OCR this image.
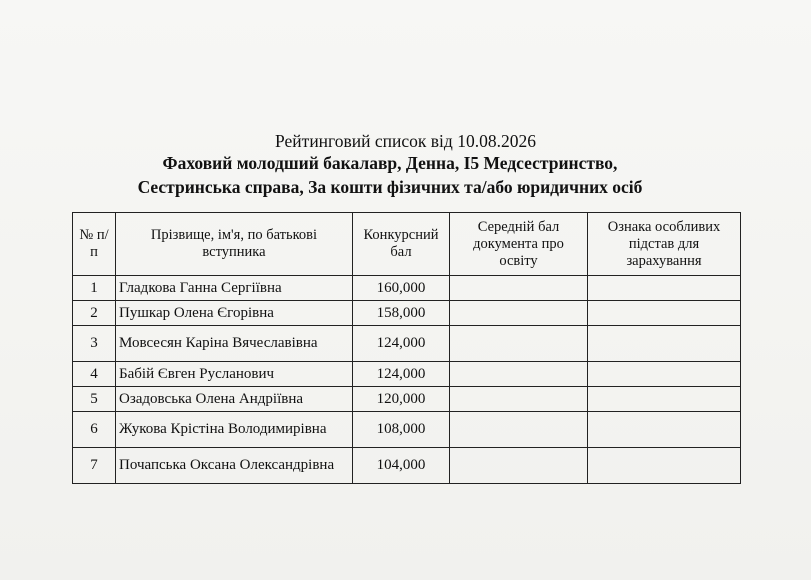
Рейтинговий список від 10.08.2026
Фаховий молодший бакалавр, Денна, I5 Медсестринство,
Сестринська справа, За кошти фізичних та/або юридичних осіб
№ п/п	Прізвище, ім'я, по батькові вступника	Конкурсний бал	Середній бал документа про освіту	Ознака особливих підстав для зарахування
1	Гладкова Ганна Сергіївна	160,000		
2	Пушкар Олена Єгорівна	158,000		
3	Мовсесян Каріна Вячеславівна	124,000		
4	Бабій Євген Русланович	124,000		
5	Озадовська Олена Андріївна	120,000		
6	Жукова Крістіна Володимирівна	108,000		
7	Почапська Оксана Олександрівна	104,000		
